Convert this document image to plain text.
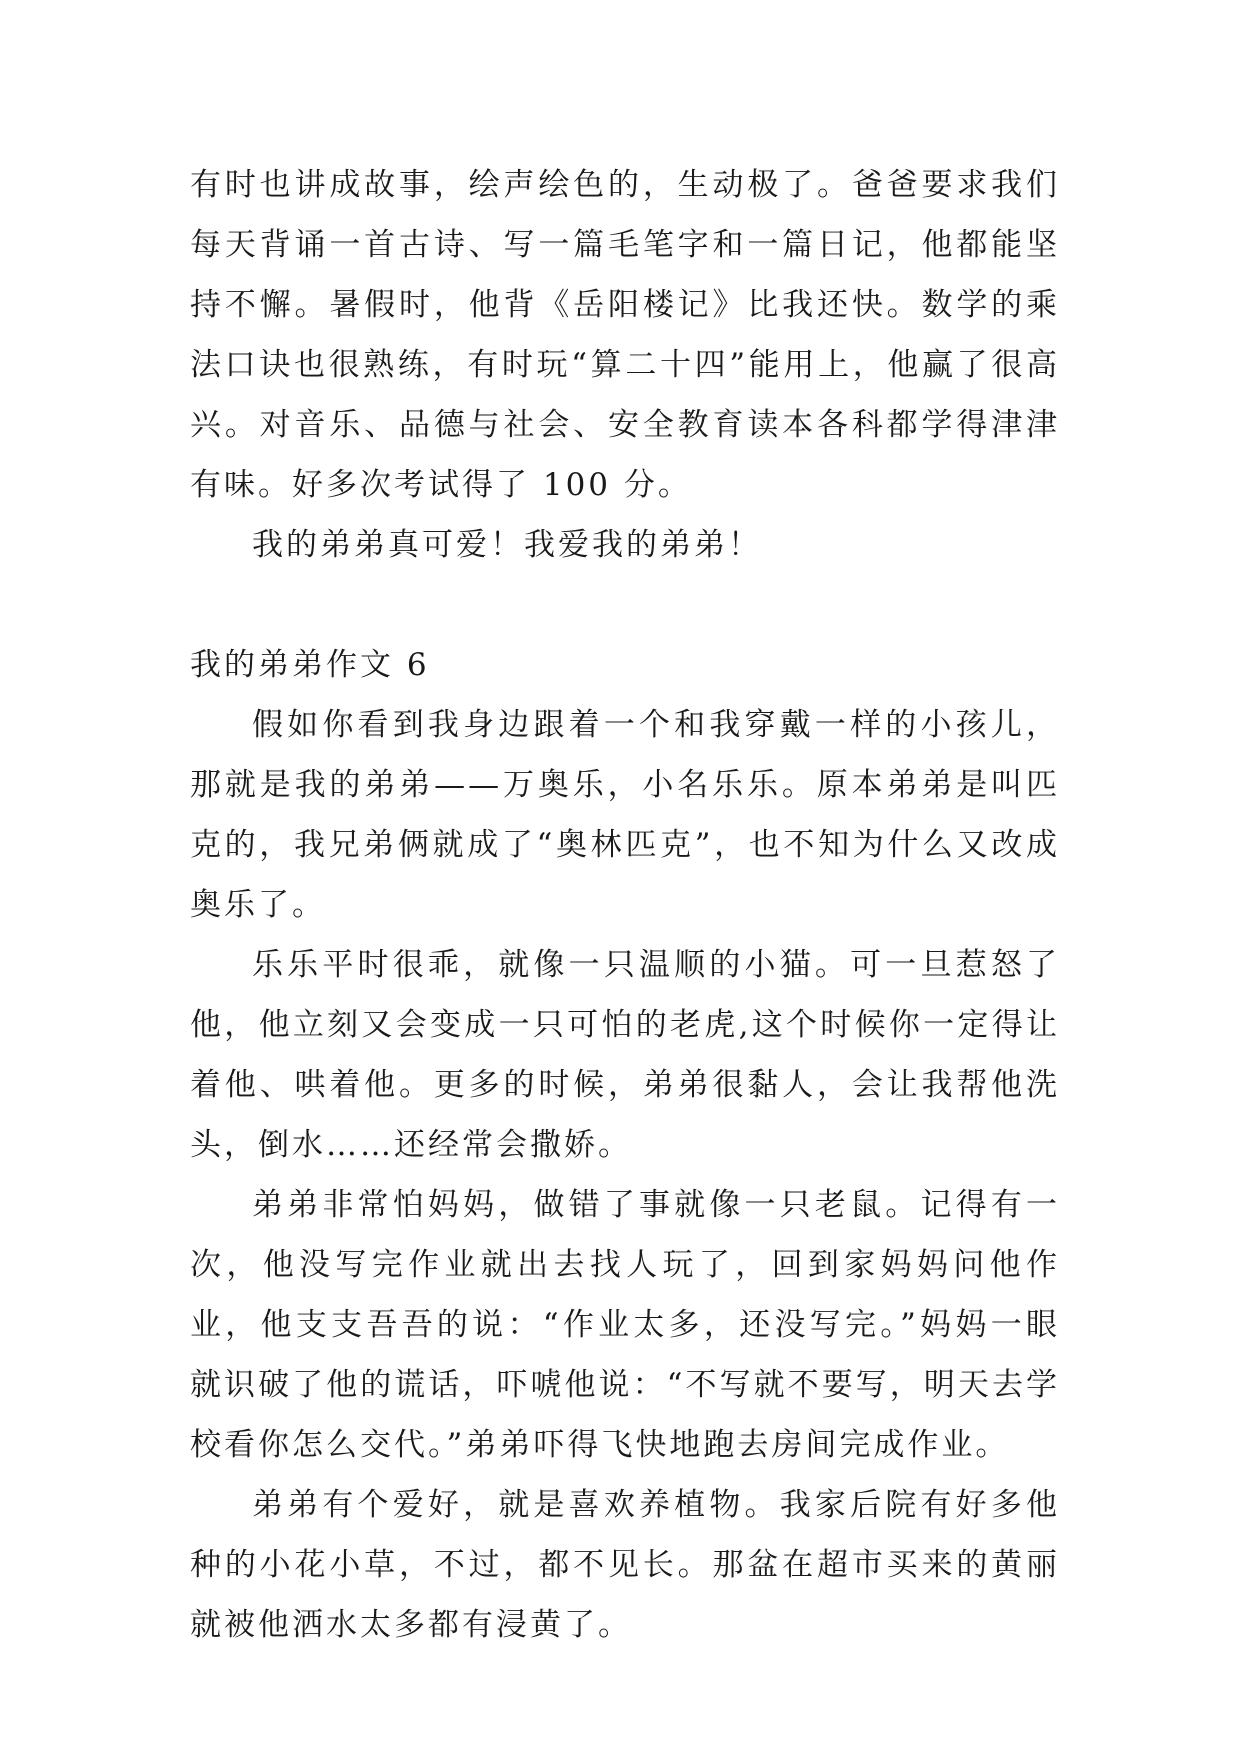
有时也讲成故事，绘声绘色的，生动极了。爸爸要求我们每天背诵一首古诗、写一篇毛笔字和一篇日记，他都能坚持不懈。暑假时，他背《岳阳楼记》比我还快。数学的乘法口诀也很熟练，有时玩“算二十四”能用上，他赢了很高兴。对音乐、品德与社会、安全教育读本各科都学得津津有味。好多次考试得了 100 分。

我的弟弟真可爱！我爱我的弟弟！

我的弟弟作文 6

假如你看到我身边跟着一个和我穿戴一样的小孩儿，那就是我的弟弟——万奥乐，小名乐乐。原本弟弟是叫匹克的，我兄弟俩就成了“奥林匹克”，也不知为什么又改成奥乐了。

乐乐平时很乖，就像一只温顺的小猫。可一旦惹怒了他，他立刻又会变成一只可怕的老虎,这个时候你一定得让着他、哄着他。更多的时候，弟弟很黏人，会让我帮他洗头，倒水……还经常会撒娇。

弟弟非常怕妈妈，做错了事就像一只老鼠。记得有一次，他没写完作业就出去找人玩了，回到家妈妈问他作业，他支支吾吾的说：“作业太多，还没写完。”妈妈一眼就识破了他的谎话，吓唬他说：“不写就不要写，明天去学校看你怎么交代。”弟弟吓得飞快地跑去房间完成作业。

弟弟有个爱好，就是喜欢养植物。我家后院有好多他种的小花小草，不过，都不见长。那盆在超市买来的黄丽就被他洒水太多都有浸黄了。
